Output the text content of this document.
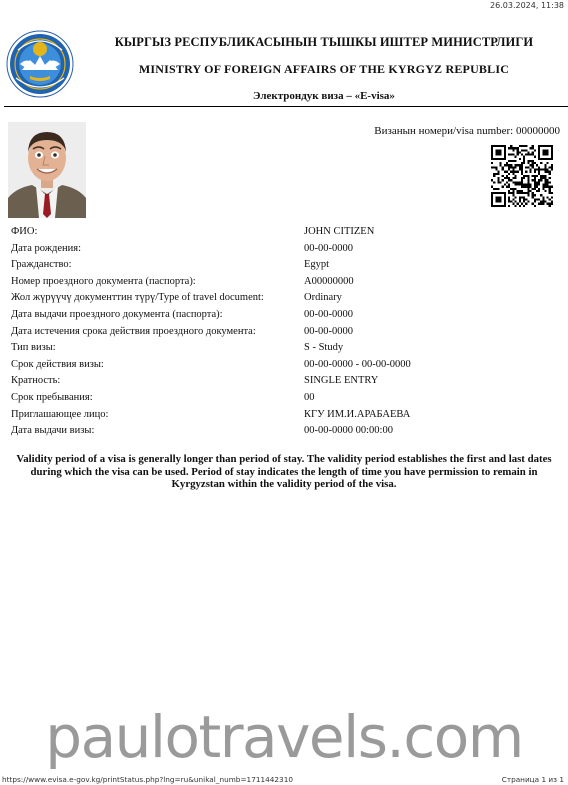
26.03.2024, 11:38
КЫРГЫЗ РЕСПУБЛИКАСЫНЫН ТЫШКЫ ИШТЕР МИНИСТРЛИГИ
MINISTRY OF FOREIGN AFFAIRS OF THE KYRGYZ REPUBLIC
Электрондук виза – «E-visa»
Визанын номери/visa number: 00000000
ФИО:	JOHN CITIZEN
Дата рождения:	00-00-0000
Гражданство:	Egypt
Номер проездного документа (паспорта):	A00000000
Жол жүрүүчү документтин түрү/Type of travel document:	Ordinary
Дата выдачи проездного документа (паспорта):	00-00-0000
Дата истечения срока действия проездного документа:	00-00-0000
Тип визы:	S - Study
Срок действия визы:	00-00-0000 - 00-00-0000
Кратность:	SINGLE ENTRY
Срок пребывания:	00
Приглашающее лицо:	КГУ ИМ.И.АРАБАЕВА
Дата выдачи визы:	00-00-0000 00:00:00
Validity period of a visa is generally longer than period of stay. The validity period establishes the first and last dates during which the visa can be used. Period of stay indicates the length of time you have permission to remain in Kyrgyzstan within the validity period of the visa.
paulotravels.com
https://www.evisa.e-gov.kg/printStatus.php?lng=ru&unikal_numb=1711442310	Страница 1 из 1
